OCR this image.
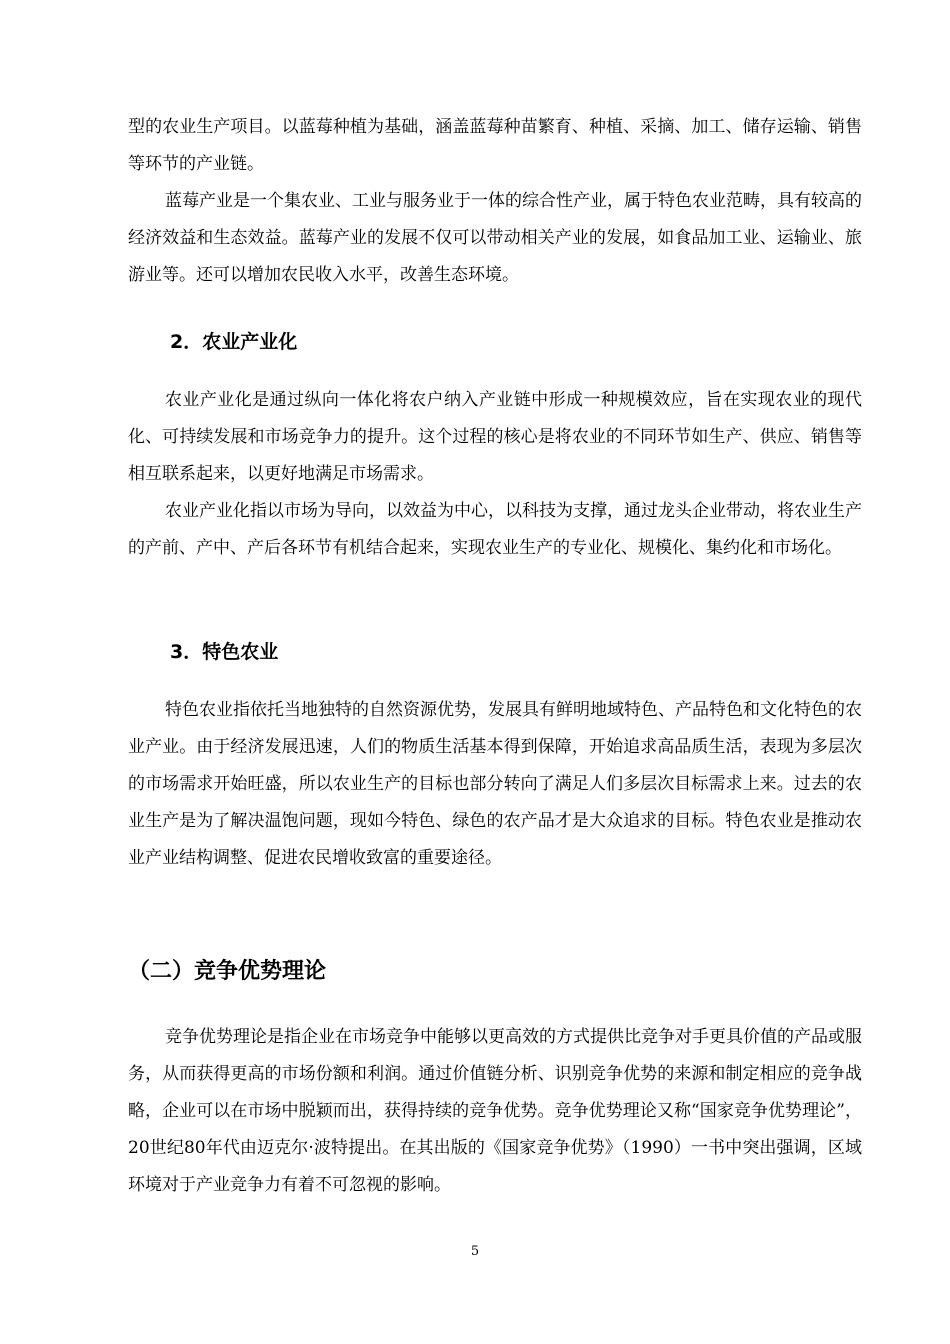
型的农业生产项目。以蓝莓种植为基础，涵盖蓝莓种苗繁育、种植、采摘、加工、储存运输、销售等环节的产业链。

蓝莓产业是一个集农业、工业与服务业于一体的综合性产业，属于特色农业范畴，具有较高的经济效益和生态效益。蓝莓产业的发展不仅可以带动相关产业的发展，如食品加工业、运输业、旅游业等。还可以增加农民收入水平，改善生态环境。

2．农业产业化

农业产业化是通过纵向一体化将农户纳入产业链中形成一种规模效应，旨在实现农业的现代化、可持续发展和市场竞争力的提升。这个过程的核心是将农业的不同环节如生产、供应、销售等相互联系起来，以更好地满足市场需求。

农业产业化指以市场为导向，以效益为中心，以科技为支撑，通过龙头企业带动，将农业生产的产前、产中、产后各环节有机结合起来，实现农业生产的专业化、规模化、集约化和市场化。

3．特色农业

特色农业指依托当地独特的自然资源优势，发展具有鲜明地域特色、产品特色和文化特色的农业产业。由于经济发展迅速，人们的物质生活基本得到保障，开始追求高品质生活，表现为多层次的市场需求开始旺盛，所以农业生产的目标也部分转向了满足人们多层次目标需求上来。过去的农业生产是为了解决温饱问题，现如今特色、绿色的农产品才是大众追求的目标。特色农业是推动农业产业结构调整、促进农民增收致富的重要途径。

（二）竞争优势理论

竞争优势理论是指企业在市场竞争中能够以更高效的方式提供比竞争对手更具价值的产品或服务，从而获得更高的市场份额和利润。通过价值链分析、识别竞争优势的来源和制定相应的竞争战略，企业可以在市场中脱颖而出，获得持续的竞争优势。竞争优势理论又称“国家竞争优势理论”，20世纪80年代由迈克尔·波特提出。在其出版的《国家竞争优势》（1990）一书中突出强调，区域环境对于产业竞争力有着不可忽视的影响。

5
